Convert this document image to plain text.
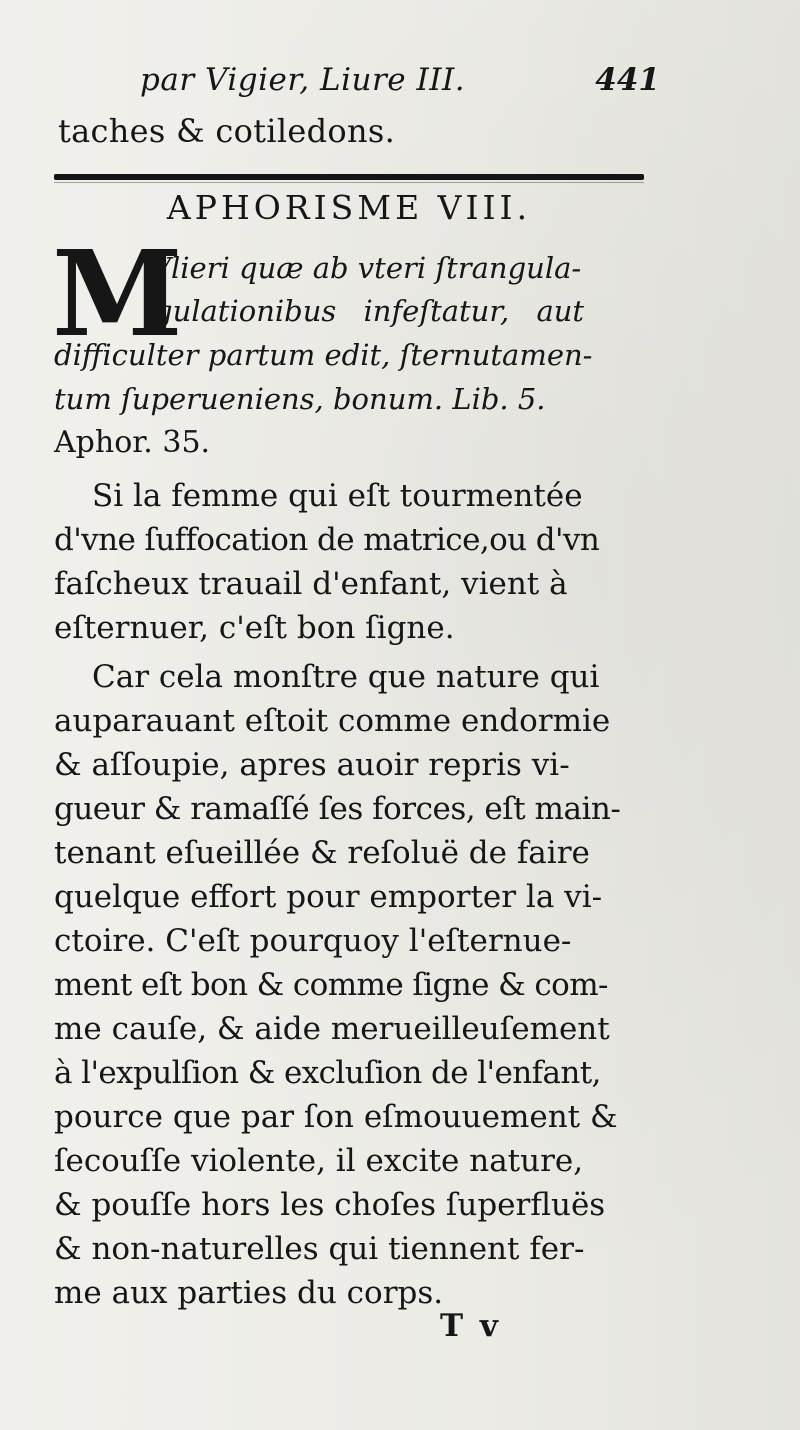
par Vigier, Liure III.	441
taches & cotiledons.
APHORISME VIII.
M
Vlieri quæ ab vteri ſtrangula-
gulationibus infeſtatur, aut
difficulter partum edit, ſternutamen-
tum ſuperueniens, bonum. Lib. 5.
Aphor. 35.
Si la femme qui eſt tourmentée
d'vne ſuffocation de matrice,ou d'vn
faſcheux trauail d'enfant, vient à
eſternuer, c'eſt bon ſigne.
Car cela monſtre que nature qui
auparauant eſtoit comme endormie
& aſſoupie, apres auoir repris vi-
gueur & ramaſſé ſes forces, eſt main-
tenant eſueillée & reſoluë de faire
quelque effort pour emporter la vi-
ctoire. C'eſt pourquoy l'eſternue-
ment eſt bon & comme ſigne & com-
me cauſe, & aide merueilleuſement
à l'expulſion & excluſion de l'enfant,
pource que par ſon eſmouuement &
ſecouſſe violente, il excite nature,
& pouſſe hors les choſes ſuperfluës
& non-naturelles qui tiennent fer-
me aux parties du corps.
T v
